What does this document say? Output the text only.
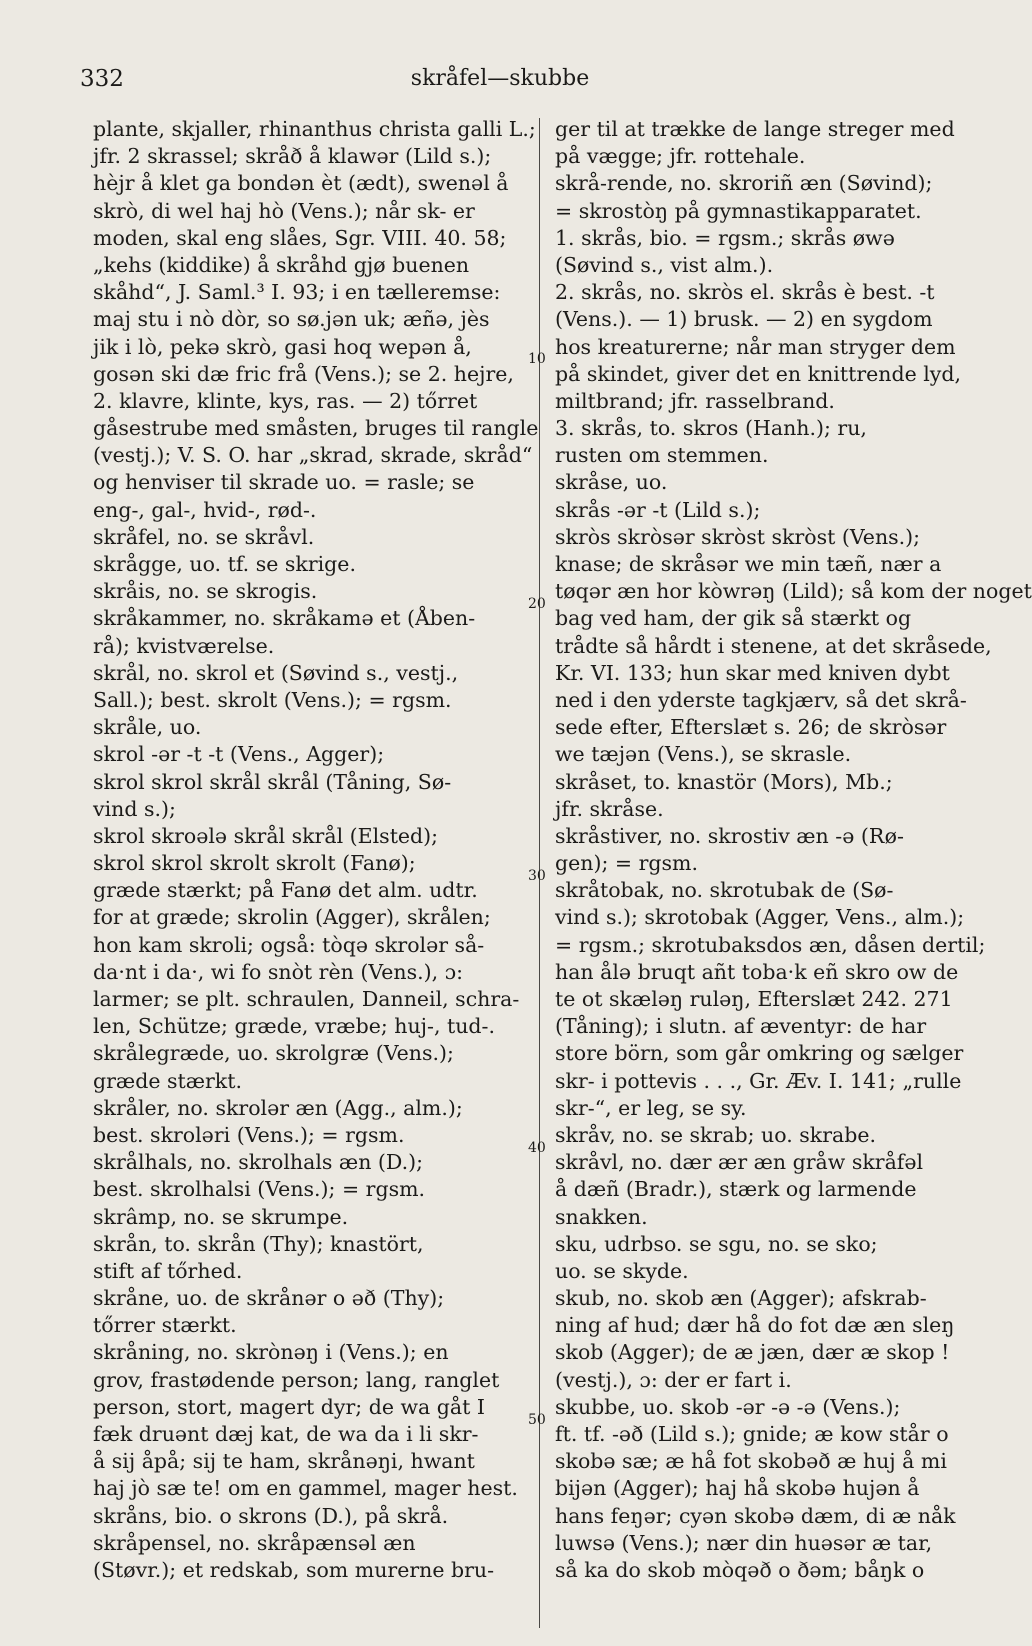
332	skråfel—skubbe
plante, skjaller, rhinanthus christa galli L.;
jfr. 2 skrassel; skråð å klawər (Lild s.);
hèjr å klet ga bondən èt (ædt), swenəl å
skrò, di wel haj hò (Vens.); når sk- er
moden, skal eng slåes, Sgr. VIII. 40. 58;
„kehs (kiddike) å skråhd gjø buenen
skåhd“, J. Saml.³ I. 93; i en tælleremse:
maj stu i nò dòr, so sø.jən uk; æñə, jès
jik i lò, pekə skrò, gasi hoq wepən å,
gosən ski dæ fric frå (Vens.); se 2. hejre,
2. klavre, klinte, kys, ras. — 2) tőrret
gåsestrube med småsten, bruges til rangle
(vestj.); V. S. O. har „skrad, skrade, skråd“
og henviser til skrade uo. = rasle; se
eng-, gal-, hvid-, rød-.
skråfel, no. se skråvl.
skrågge, uo. tf. se skrige.
skråis, no. se skrogis.
skråkammer, no. skråkamə et (Åben-
rå); kvistværelse.
skrål, no. skrol et (Søvind s., vestj.,
Sall.); best. skrolt (Vens.); = rgsm.
skråle, uo.
skrol -ər -t -t (Vens., Agger);
skrol skrol skrål skrål (Tåning, Sø-
vind s.);
skrol skroələ skrål skrål (Elsted);
skrol skrol skrolt skrolt (Fanø);
græde stærkt; på Fanø det alm. udtr.
for at græde; skrolin (Agger), skrålen;
hon kam skroli; også: tòqə skrolər så-
da·nt i da·, wi fo snòt rèn (Vens.), ɔ:
larmer; se plt. schraulen, Danneil, schra-
len, Schütze; græde, vræbe; huj-, tud-.
skrålegræde, uo. skrolgræ (Vens.);
græde stærkt.
skråler, no. skrolər æn (Agg., alm.);
best. skroləri (Vens.); = rgsm.
skrålhals, no. skrolhals æn (D.);
best. skrolhalsi (Vens.); = rgsm.
skrâmp, no. se skrumpe.
skrån, to. skrån (Thy); knastört,
stift af tőrhed.
skråne, uo. de skrånər o əð (Thy);
tőrrer stærkt.
skråning, no. skrònəŋ i (Vens.); en
grov, frastødende person; lang, ranglet
person, stort, magert dyr; de wa gåt I
fæk druənt dæj kat, de wa da i li skr-
å sij åpå; sij te ham, skrånəŋi, hwant
haj jò sæ te! om en gammel, mager hest.
skråns, bio. o skrons (D.), på skrå.
skråpensel, no. skråpænsəl æn
(Støvr.); et redskab, som murerne bru-
ger til at trække de lange streger med
på vægge; jfr. rottehale.
skrå-rende, no. skroriñ æn (Søvind);
= skrostòŋ på gymnastikapparatet.
1. skrås, bio. = rgsm.; skrås øwə
(Søvind s., vist alm.).
2. skrås, no. skròs el. skrås è best. -t
(Vens.). — 1) brusk. — 2) en sygdom
hos kreaturerne; når man stryger dem
på skindet, giver det en knittrende lyd,
miltbrand; jfr. rasselbrand.
3. skrås, to. skros (Hanh.); ru,
rusten om stemmen.
skråse, uo.
skrås -ər -t (Lild s.);
skròs skròsər skròst skròst (Vens.);
knase; de skråsər we min tæñ, nær a
tøqər æn hor kòwrəŋ (Lild); så kom der noget
bag ved ham, der gik så stærkt og
trådte så hårdt i stenene, at det skråsede,
Kr. VI. 133; hun skar med kniven dybt
ned i den yderste tagkjærv, så det skrå-
sede efter, Efterslæt s. 26; de skròsər
we tæjən (Vens.), se skrasle.
skråset, to. knastör (Mors), Mb.;
jfr. skråse.
skråstiver, no. skrostiv æn -ə (Rø-
gen); = rgsm.
skråtobak, no. skrotubak de (Sø-
vind s.); skrotobak (Agger, Vens., alm.);
= rgsm.; skrotubaksdos æn, dåsen dertil;
han ålə bruqt añt toba·k eñ skro ow de
te ot skæləŋ ruləŋ, Efterslæt 242. 271
(Tåning); i slutn. af æventyr: de har
store börn, som går omkring og sælger
skr- i pottevis . . ., Gr. Æv. I. 141; „rulle
skr-“, er leg, se sy.
skråv, no. se skrab; uo. skrabe.
skråvl, no. dær ær æn gråw skråfəl
å dæñ (Bradr.), stærk og larmende
snakken.
sku, udrbso. se sgu, no. se sko;
uo. se skyde.
skub, no. skob æn (Agger); afskrab-
ning af hud; dær hå do fot dæ æn sleŋ
skob (Agger); de æ jæn, dær æ skop !
(vestj.), ɔ: der er fart i.
skubbe, uo. skob -ər -ə -ə (Vens.);
ft. tf. -əð (Lild s.); gnide; æ kow står o
skobə sæ; æ hå fot skobəð æ huj å mi
bijən (Agger); haj hå skobə hujən å
hans feŋər; cyən skobə dæm, di æ nåk
luwsə (Vens.); nær din huəsər æ tar,
så ka do skob mòqəð o ðəm; båŋk o
10
20
30
40
50
